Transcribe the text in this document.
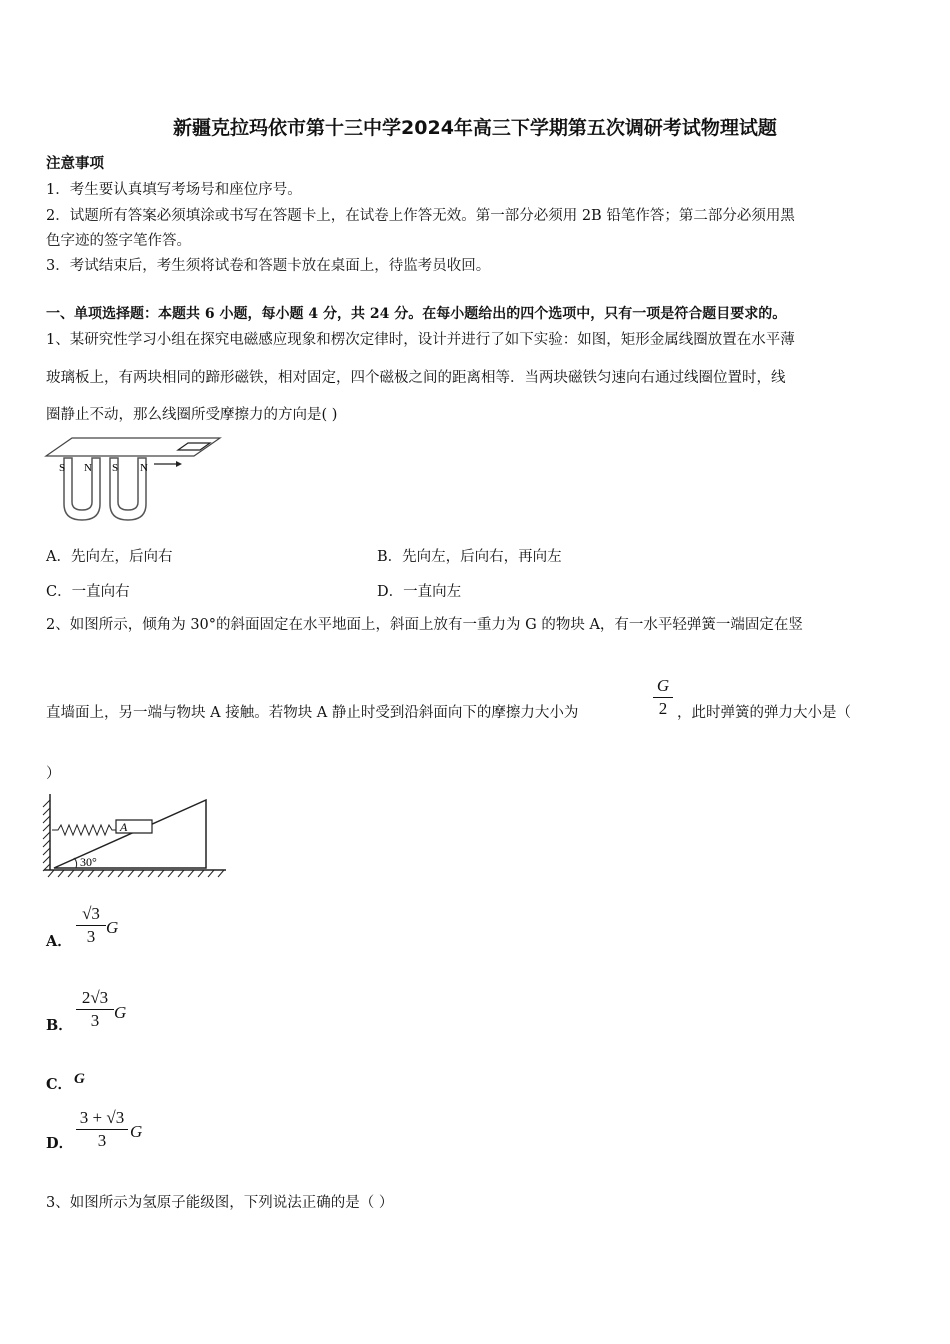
新疆克拉玛依市第十三中学2024年高三下学期第五次调研考试物理试题
注意事项
1．考生要认真填写考场号和座位序号。
2．试题所有答案必须填涂或书写在答题卡上，在试卷上作答无效。第一部分必须用 2B 铅笔作答；第二部分必须用黑
色字迹的签字笔作答。
3．考试结束后，考生须将试卷和答题卡放在桌面上，待监考员收回。
一、单项选择题：本题共 6 小题，每小题 4 分，共 24 分。在每小题给出的四个选项中，只有一项是符合题目要求的。
1、某研究性学习小组在探究电磁感应现象和楞次定律时，设计并进行了如下实验：如图，矩形金属线圈放置在水平薄
玻璃板上，有两块相同的蹄形磁铁，相对固定，四个磁极之间的距离相等．当两块磁铁匀速向右通过线圈位置时，线
圈静止不动，那么线圈所受摩擦力的方向是( )
S N S N
A．先向左，后向右	B．先向左，后向右，再向左
C．一直向右	D．一直向左
2、如图所示，倾角为 30°的斜面固定在水平地面上，斜面上放有一重力为 G 的物块 A，有一水平轻弹簧一端固定在竖
直墙面上，另一端与物块 A 接触。若物块 A 静止时受到沿斜面向下的摩擦力大小为
G
2 ，此时弹簧的弹力大小是（
）
A
30°
A．
√3
3 G
B．
2√3
3 G
C． G
D．
3 + √3
3	G
3、如图所示为氢原子能级图，下列说法正确的是（ ）
